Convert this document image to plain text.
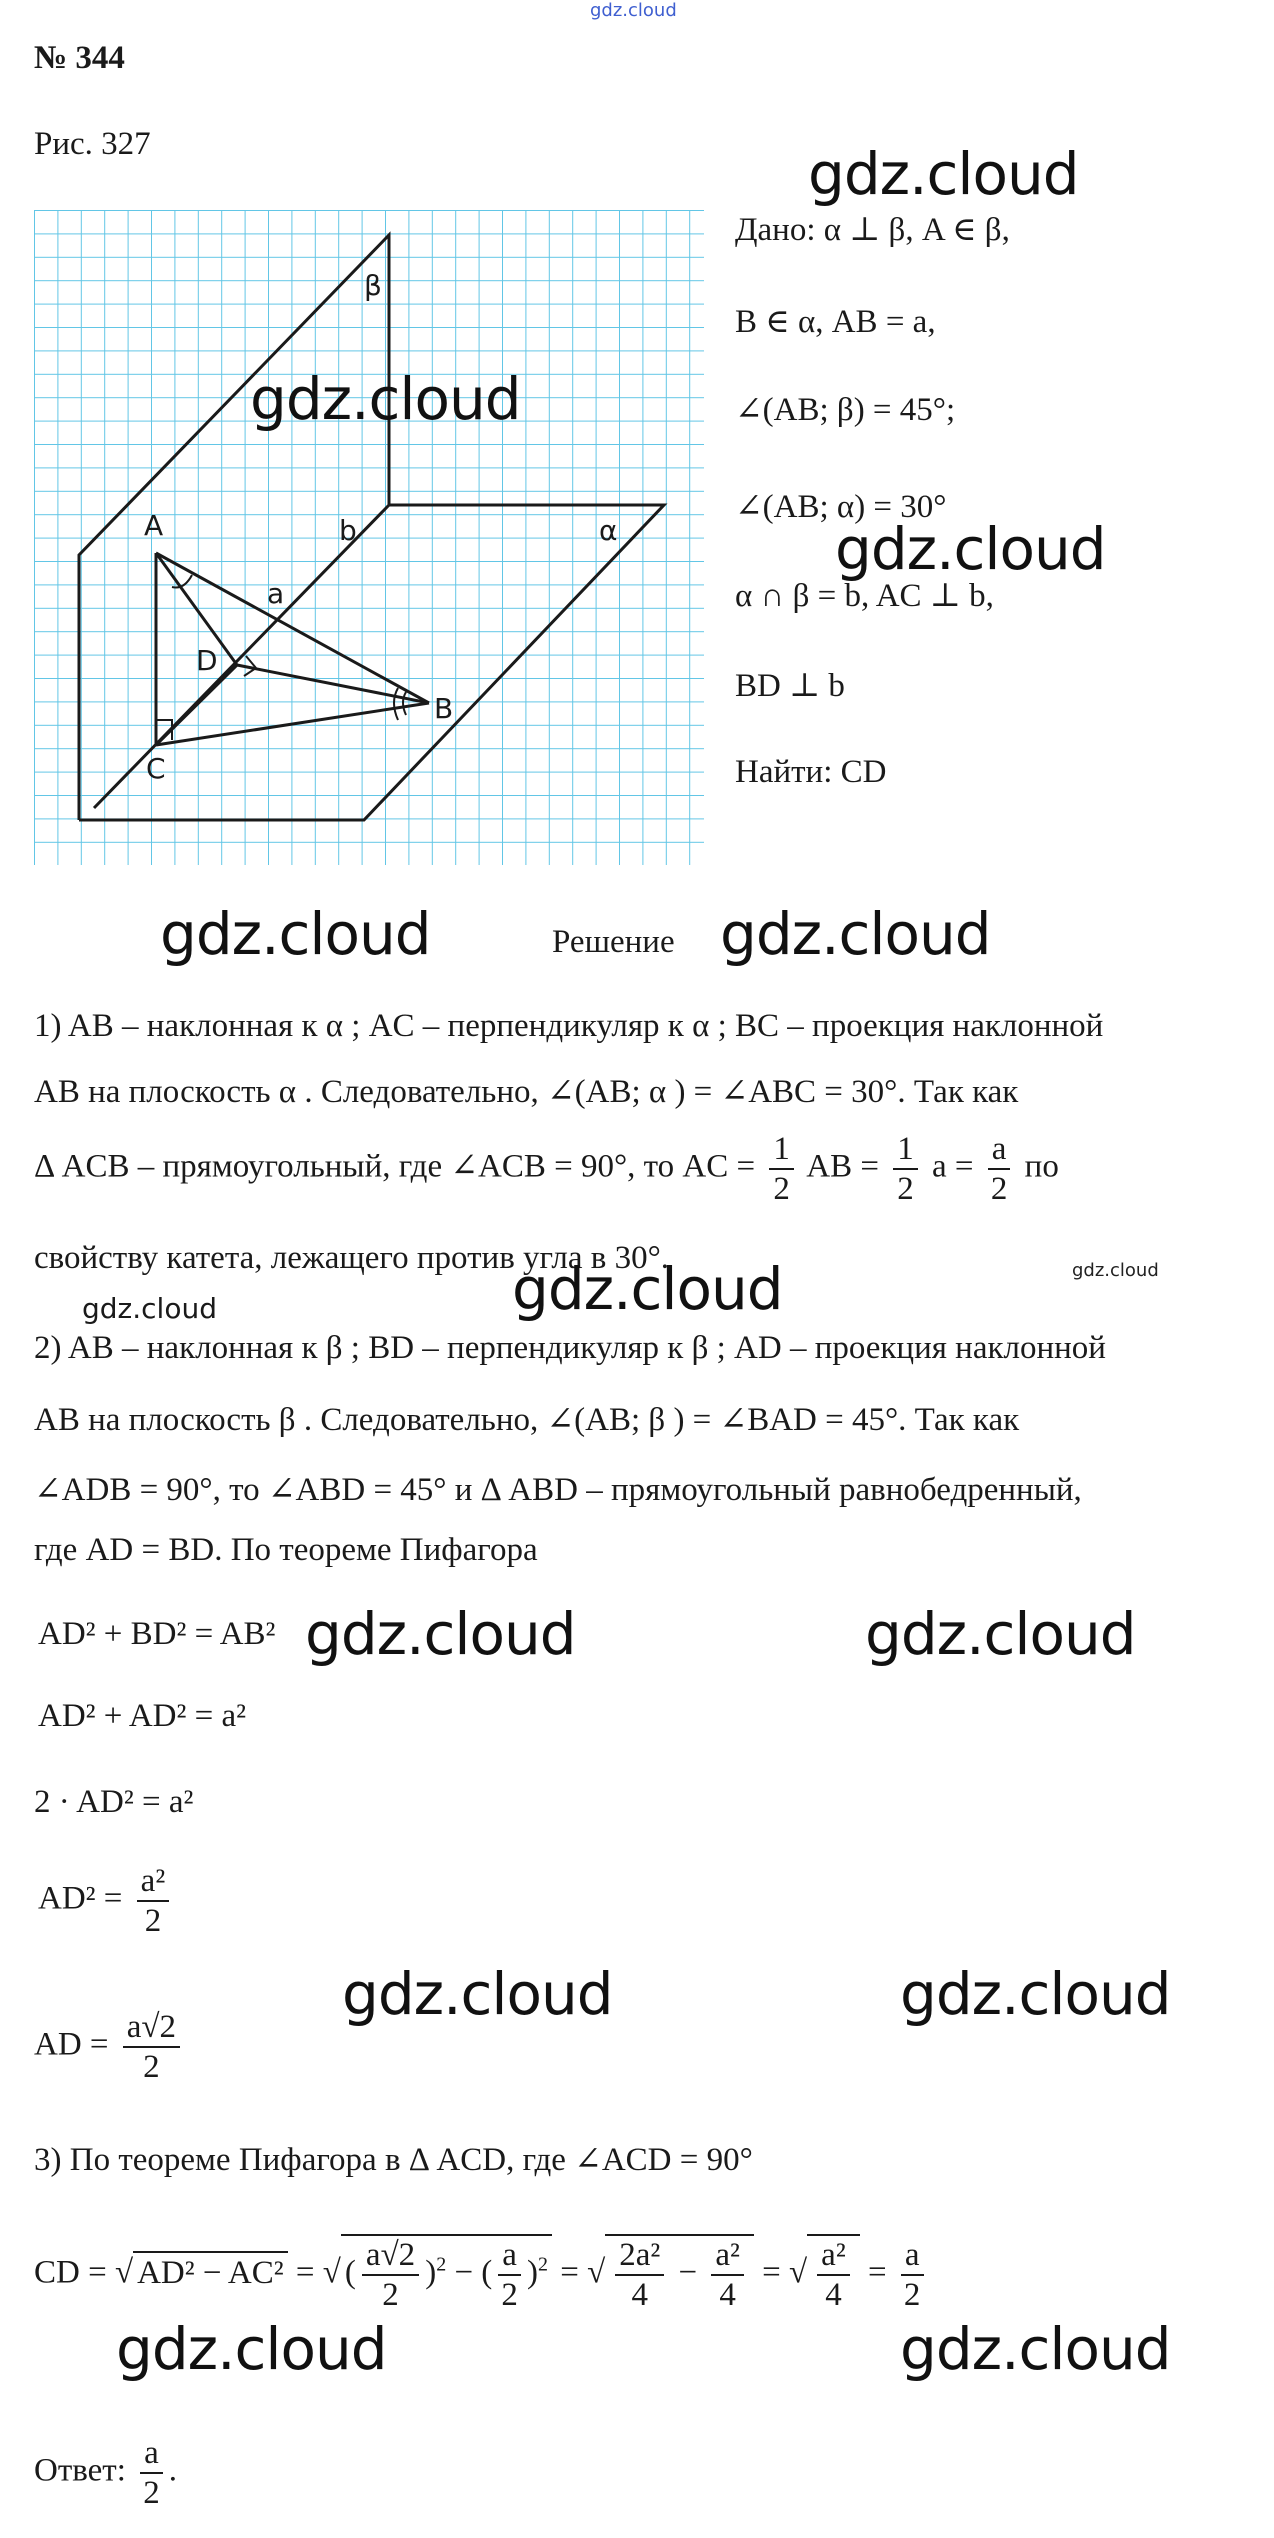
gdz.cloud
№ 344
Рис. 327
β
α
A	b
a
D
B
C
Дано: α ⊥ β, A ∈ β,
B ∈ α, AB = a,
∠(AB; β) = 45°;
∠(AB; α) = 30°
α ∩ β = b, AC ⊥ b,
BD ⊥ b
Найти: CD
Решение
1) AB – наклонная к α ; AC – перпендикуляр к α ; BC – проекция наклонной
AB на плоскость α . Следовательно, ∠(AB; α ) = ∠ABC = 30°. Так как
Δ ACB – прямоугольный, где ∠ACB = 90°, то AC = $\frac{1}{2}$ AB = $\frac{1}{2}$ $a = \frac{a}{2}$ по
свойству катета, лежащего против угла в 30°.
2) AB – наклонная к β ; BD – перпендикуляр к β ; AD – проекция наклонной
AB на плоскость β . Следовательно, ∠(AB; β ) = ∠BAD = 45°. Так как
∠ADB = 90°, то ∠ABD = 45° и Δ ABD – прямоугольный равнобедренный,
где AD = BD. По теореме Пифагора
AD² + BD² = AB²
AD² + AD² = a²
2 · AD² = a²
$AD^2 = \frac{\text{a²}}{2}$
AD = $\frac{a√2}{2}$
3) По теореме Пифагора в Δ ACD, где ∠ACD = 90°
CD = √ AD² − AC² = √ ( $\frac{a√2}{2} )^2$ − ( $\frac{a}{2} )^2$ = √ $\frac{\text{2a²}}{4} - \frac{\text{a²}}{4}$ = √ $\frac{\text{a²}}{4} = \frac{a}{2}$
Ответ: $\frac{a}{2}$ .
gdz.cloud
gdz.cloud
gdz.cloud
gdz.cloud	gdz.cloud
gdz.cloud
gdz.cloud
gdz.cloud
gdz.cloud	gdz.cloud
gdz.cloud	gdz.cloud
gdz.cloud	gdz.cloud
